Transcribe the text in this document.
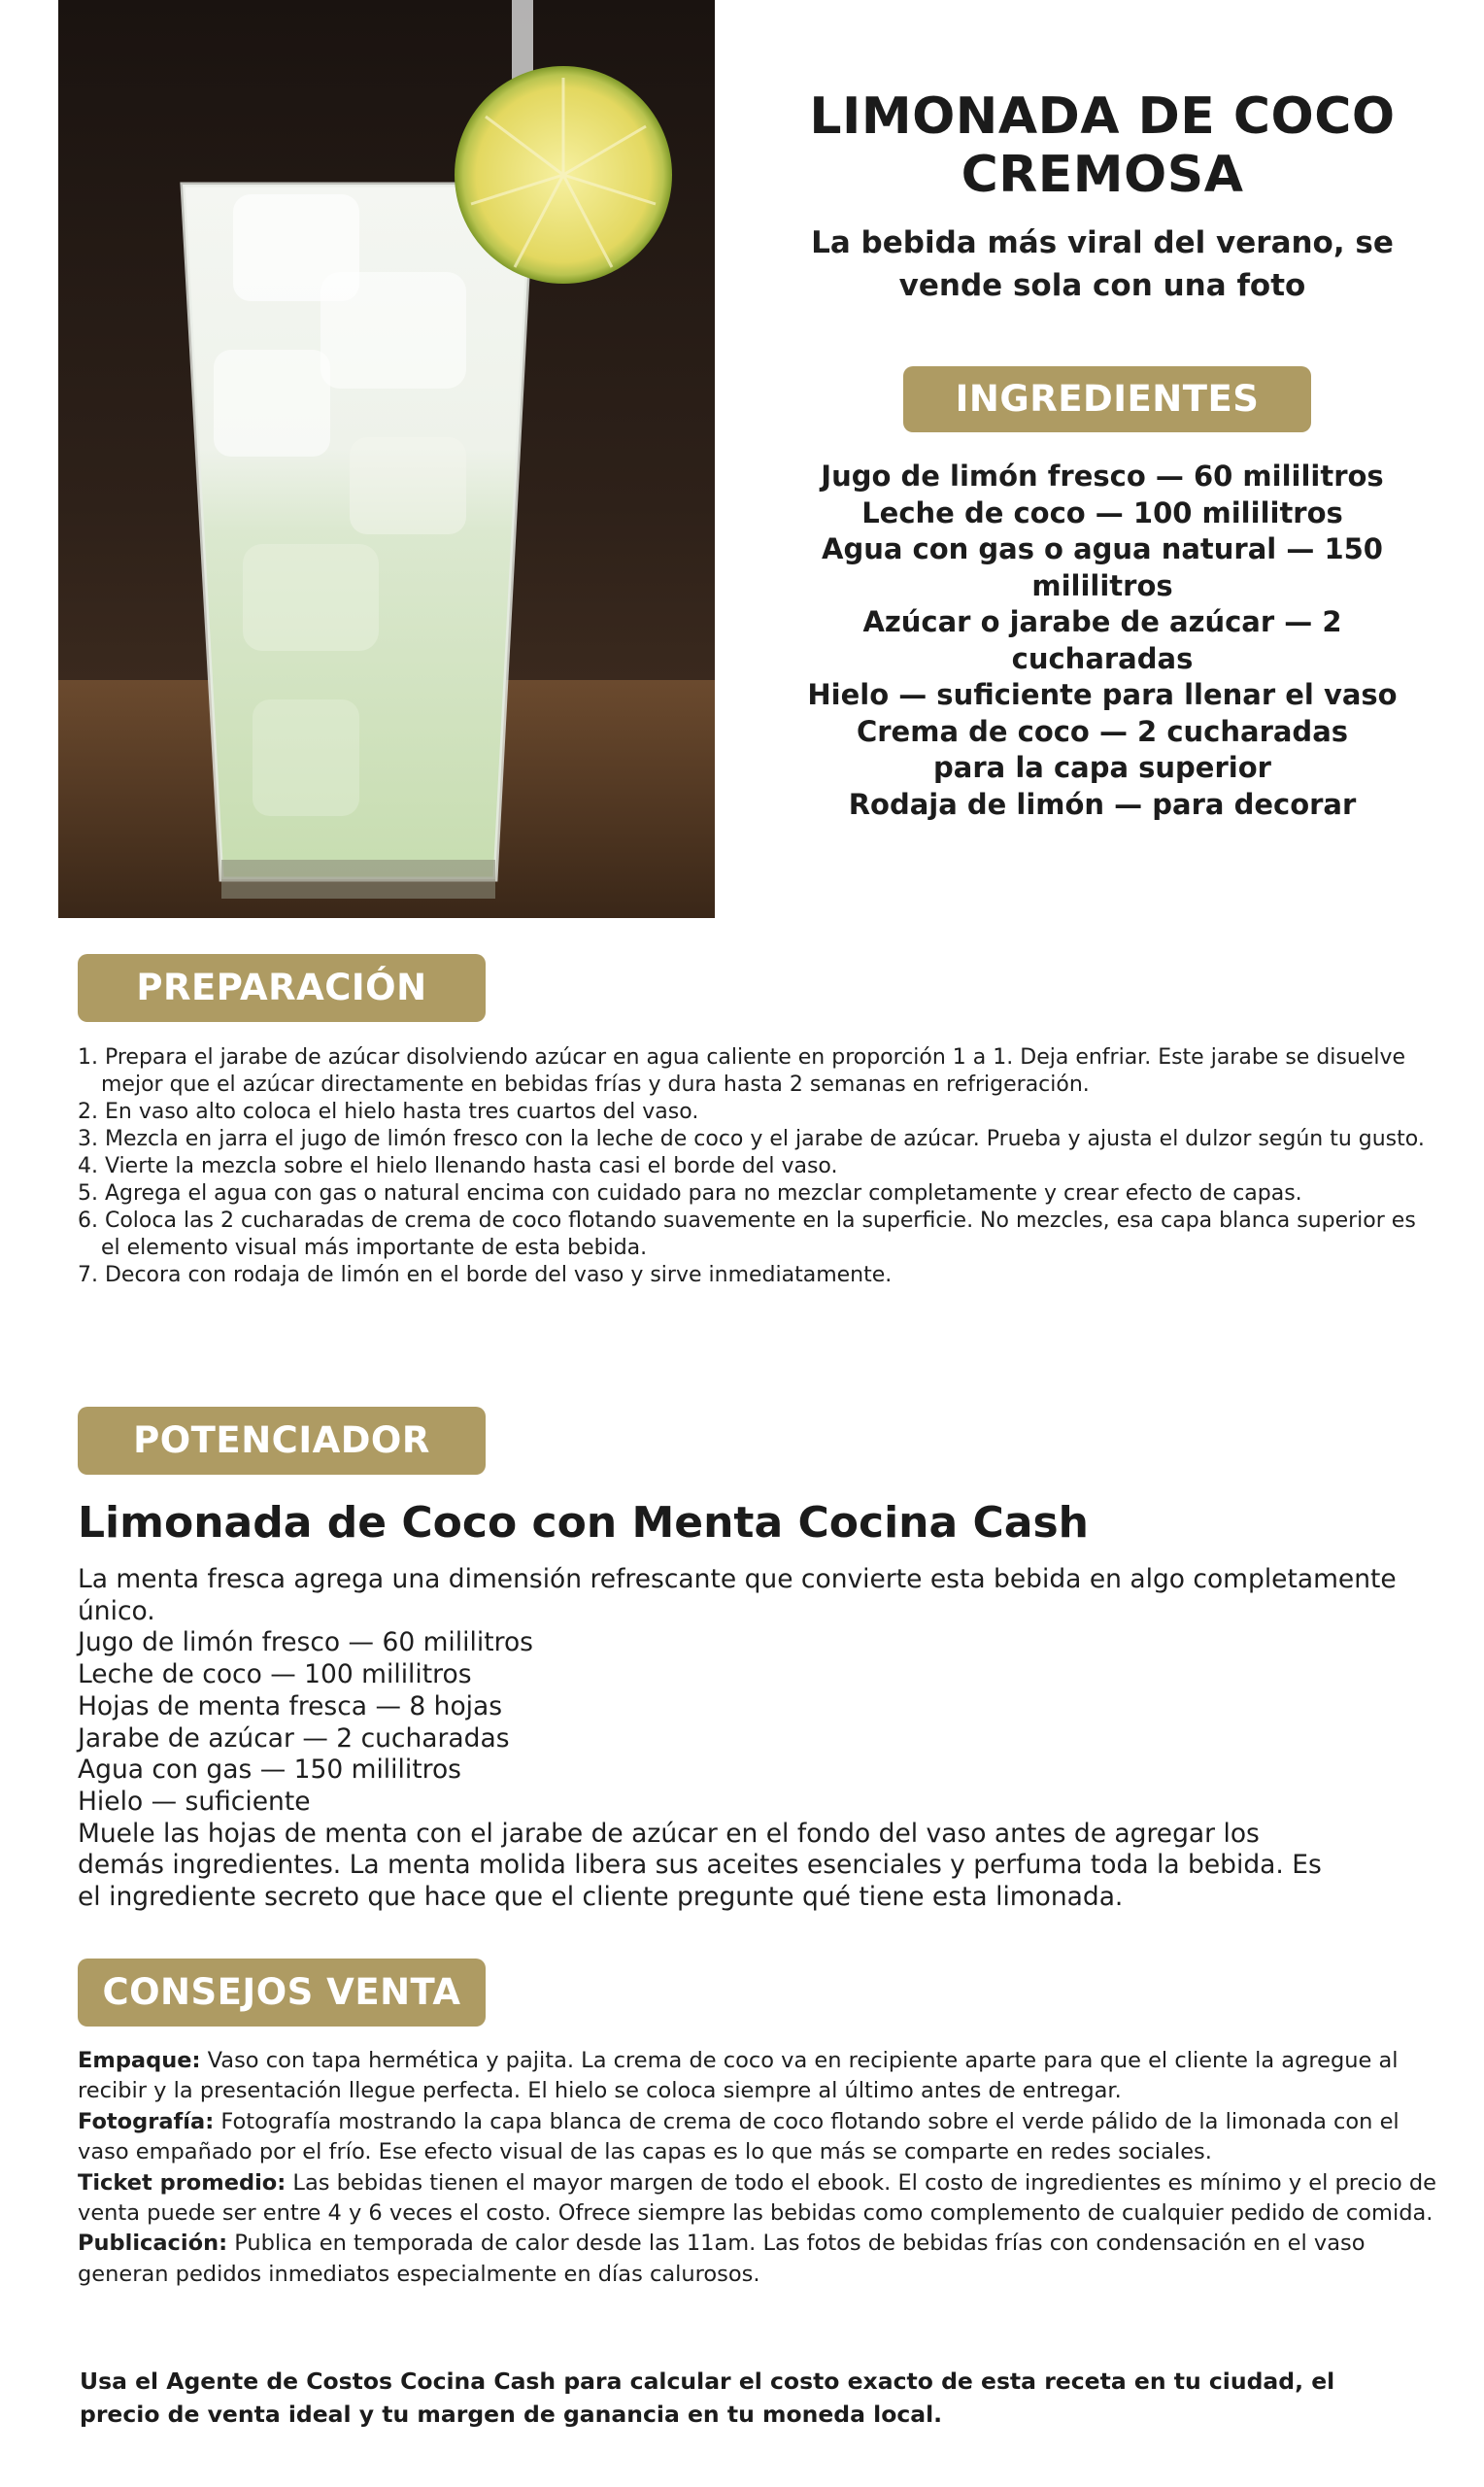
LIMONADA DE COCO CREMOSA

La bebida más viral del verano, se vende sola con una foto

INGREDIENTES
Jugo de limón fresco — 60 mililitros
Leche de coco — 100 mililitros
Agua con gas o agua natural — 150 mililitros
Azúcar o jarabe de azúcar — 2 cucharadas
Hielo — suficiente para llenar el vaso
Crema de coco — 2 cucharadas para la capa superior
Rodaja de limón — para decorar
PREPARACIÓN
1. Prepara el jarabe de azúcar disolviendo azúcar en agua caliente en proporción 1 a 1. Deja enfriar. Este jarabe se disuelve mejor que el azúcar directamente en bebidas frías y dura hasta 2 semanas en refrigeración.
2. En vaso alto coloca el hielo hasta tres cuartos del vaso.
3. Mezcla en jarra el jugo de limón fresco con la leche de coco y el jarabe de azúcar. Prueba y ajusta el dulzor según tu gusto.
4. Vierte la mezcla sobre el hielo llenando hasta casi el borde del vaso.
5. Agrega el agua con gas o natural encima con cuidado para no mezclar completamente y crear efecto de capas.
6. Coloca las 2 cucharadas de crema de coco flotando suavemente en la superficie. No mezcles, esa capa blanca superior es el elemento visual más importante de esta bebida.
7. Decora con rodaja de limón en el borde del vaso y sirve inmediatamente.
POTENCIADOR
Limonada de Coco con Menta Cocina Cash
La menta fresca agrega una dimensión refrescante que convierte esta bebida en algo completamente único.
Jugo de limón fresco — 60 mililitros
Leche de coco — 100 mililitros
Hojas de menta fresca — 8 hojas
Jarabe de azúcar — 2 cucharadas
Agua con gas — 150 mililitros
Hielo — suficiente
Muele las hojas de menta con el jarabe de azúcar en el fondo del vaso antes de agregar los demás ingredientes. La menta molida libera sus aceites esenciales y perfuma toda la bebida. Es el ingrediente secreto que hace que el cliente pregunte qué tiene esta limonada.
CONSEJOS VENTA

Empaque: Vaso con tapa hermética y pajita. La crema de coco va en recipiente aparte para que el cliente la agregue al recibir y la presentación llegue perfecta. El hielo se coloca siempre al último antes de entregar.

Fotografía: Fotografía mostrando la capa blanca de crema de coco flotando sobre el verde pálido de la limonada con el vaso empañado por el frío. Ese efecto visual de las capas es lo que más se comparte en redes sociales.

Ticket promedio: Las bebidas tienen el mayor margen de todo el ebook. El costo de ingredientes es mínimo y el precio de venta puede ser entre 4 y 6 veces el costo. Ofrece siempre las bebidas como complemento de cualquier pedido de comida.

Publicación: Publica en temporada de calor desde las 11am. Las fotos de bebidas frías con condensación en el vaso generan pedidos inmediatos especialmente en días calurosos.

Usa el Agente de Costos Cocina Cash para calcular el costo exacto de esta receta en tu ciudad, el precio de venta ideal y tu margen de ganancia en tu moneda local.
